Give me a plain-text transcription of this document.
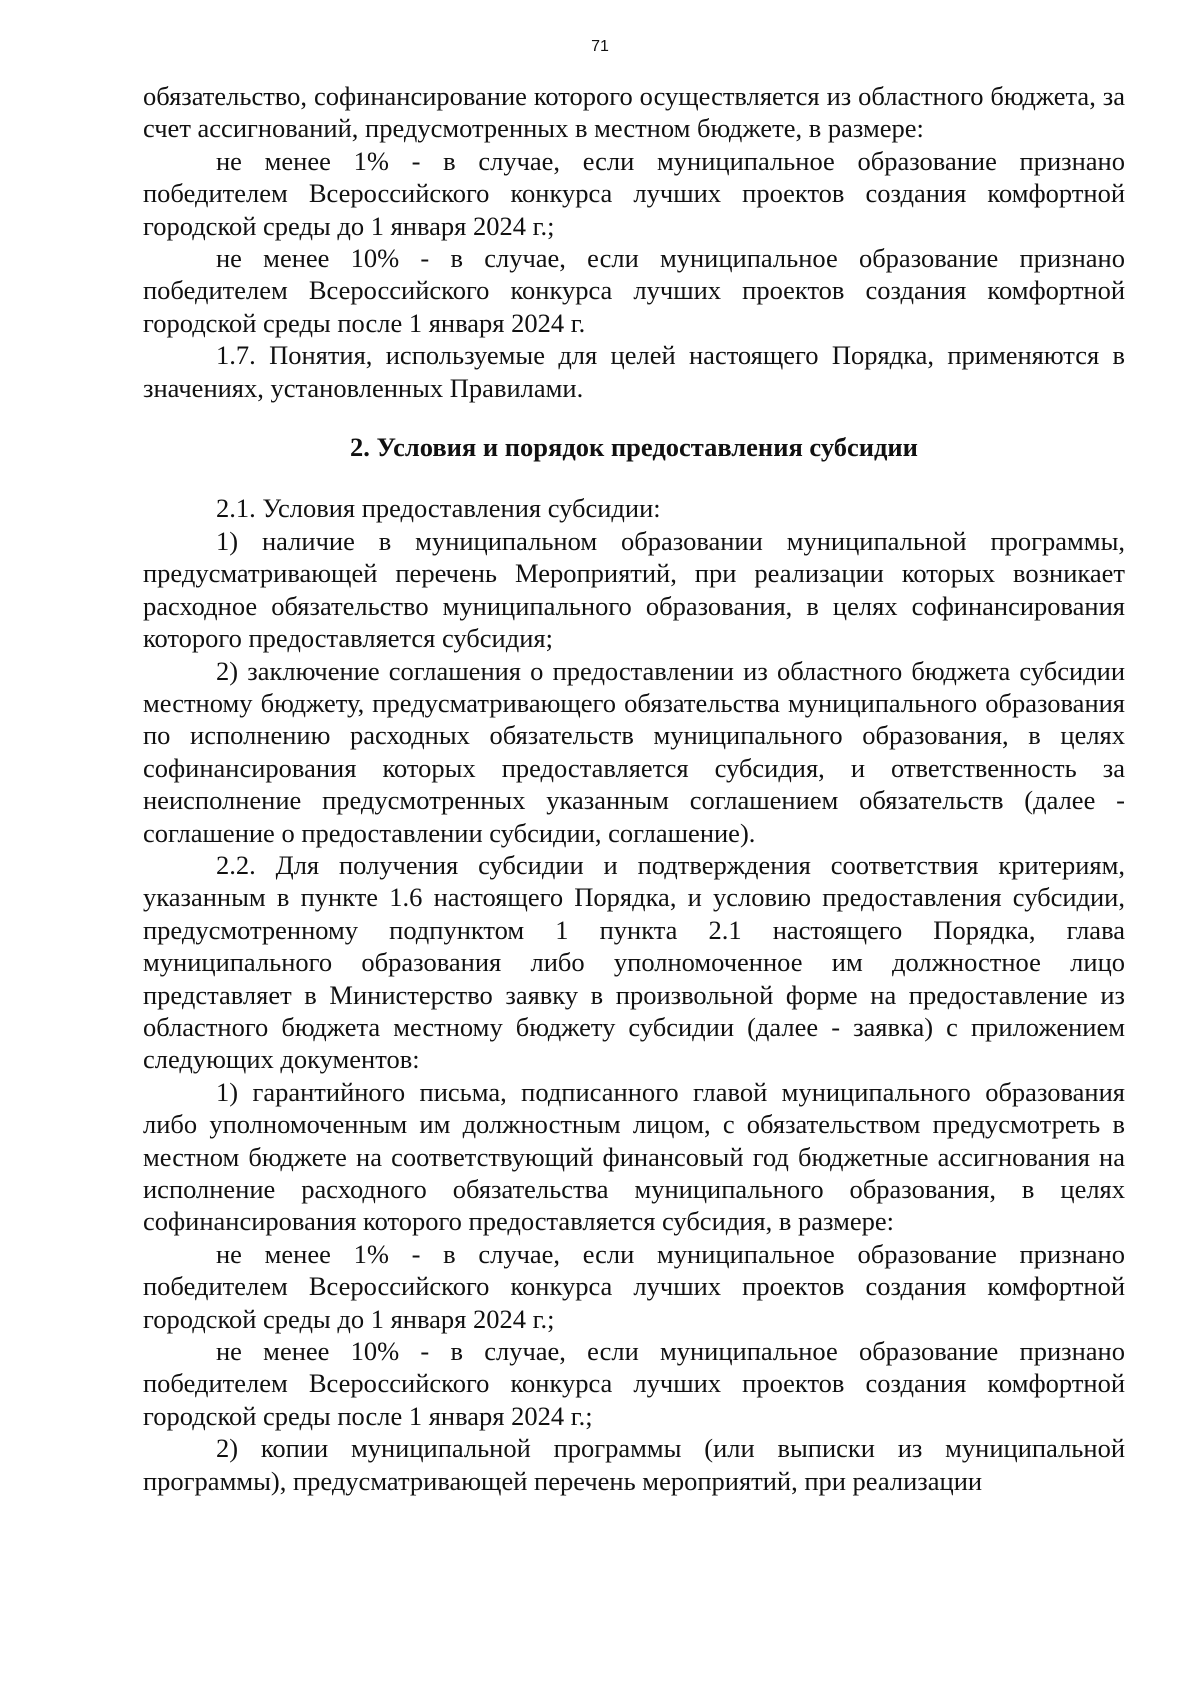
71

обязательство, софинансирование которого осуществляется из областного бюджета, за счет ассигнований, предусмотренных в местном бюджете, в размере:

не менее 1% - в случае, если муниципальное образование признано победителем Всероссийского конкурса лучших проектов создания комфортной городской среды до 1 января 2024 г.;

не менее 10% - в случае, если муниципальное образование признано победителем Всероссийского конкурса лучших проектов создания комфортной городской среды после 1 января 2024 г.

1.7. Понятия, используемые для целей настоящего Порядка, применяются в значениях, установленных Правилами.

2. Условия и порядок предоставления субсидии

2.1. Условия предоставления субсидии:

1) наличие в муниципальном образовании муниципальной программы, предусматривающей перечень Мероприятий, при реализации которых возникает расходное обязательство муниципального образования, в целях софинансирования которого предоставляется субсидия;

2) заключение соглашения о предоставлении из областного бюджета субсидии местному бюджету, предусматривающего обязательства муниципального образования по исполнению расходных обязательств муниципального образования, в целях софинансирования которых предоставляется субсидия, и ответственность за неисполнение предусмотренных указанным соглашением обязательств (далее - соглашение о предоставлении субсидии, соглашение).

2.2. Для получения субсидии и подтверждения соответствия критериям, указанным в пункте 1.6 настоящего Порядка, и условию предоставления субсидии, предусмотренному подпунктом 1 пункта 2.1 настоящего Порядка, глава муниципального образования либо уполномоченное им должностное лицо представляет в Министерство заявку в произвольной форме на предоставление из областного бюджета местному бюджету субсидии (далее - заявка) с приложением следующих документов:

1) гарантийного письма, подписанного главой муниципального образования либо уполномоченным им должностным лицом, с обязательством предусмотреть в местном бюджете на соответствующий финансовый год бюджетные ассигнования на исполнение расходного обязательства муниципального образования, в целях софинансирования которого предоставляется субсидия, в размере:

не менее 1% - в случае, если муниципальное образование признано победителем Всероссийского конкурса лучших проектов создания комфортной городской среды до 1 января 2024 г.;

не менее 10% - в случае, если муниципальное образование признано победителем Всероссийского конкурса лучших проектов создания комфортной городской среды после 1 января 2024 г.;

2) копии муниципальной программы (или выписки из муниципальной программы), предусматривающей перечень мероприятий, при реализации
